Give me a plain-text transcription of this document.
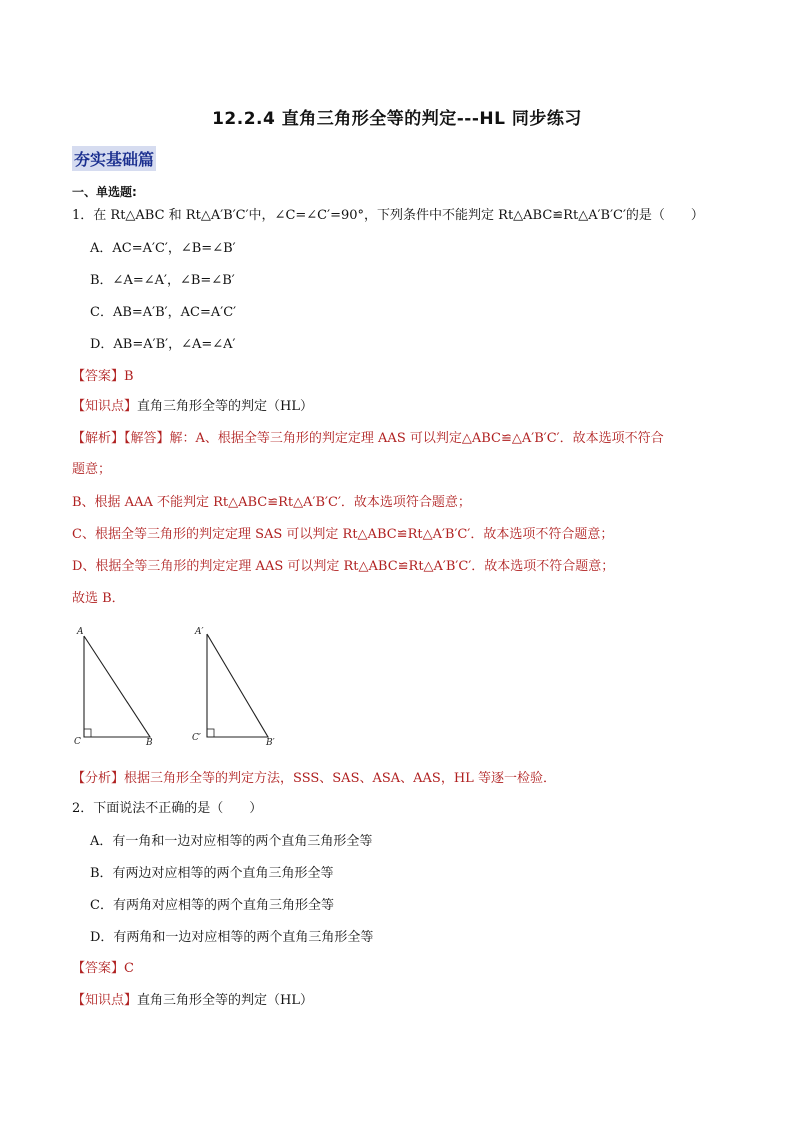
12.2.4 直角三角形全等的判定---HL 同步练习
夯实基础篇
一、单选题:
1．在 Rt△ABC 和 Rt△A′B′C′中，∠C=∠C′=90°，下列条件中不能判定 Rt△ABC≌Rt△A′B′C′的是（　　）
A．AC=A′C′，∠B=∠B′
B．∠A=∠A′，∠B=∠B′
C．AB=A′B′，AC=A′C′
D．AB=A′B′，∠A=∠A′
【答案】B
【知识点】直角三角形全等的判定（HL）
【解析】【解答】解：A、根据全等三角形的判定定理 AAS 可以判定△ABC≌△A′B′C′．故本选项不符合
题意；
B、根据 AAA 不能判定 Rt△ABC≌Rt△A′B′C′．故本选项符合题意；
C、根据全等三角形的判定定理 SAS 可以判定 Rt△ABC≌Rt△A′B′C′．故本选项不符合题意；
D、根据全等三角形的判定定理 AAS 可以判定 Rt△ABC≌Rt△A′B′C′．故本选项不符合题意；
故选 B．
A
C	B
A′
C′	B′
【分析】根据三角形全等的判定方法，SSS、SAS、ASA、AAS，HL 等逐一检验．
2．下面说法不正确的是（　　）
A．有一角和一边对应相等的两个直角三角形全等
B．有两边对应相等的两个直角三角形全等
C．有两角对应相等的两个直角三角形全等
D．有两角和一边对应相等的两个直角三角形全等
【答案】C
【知识点】直角三角形全等的判定（HL）
